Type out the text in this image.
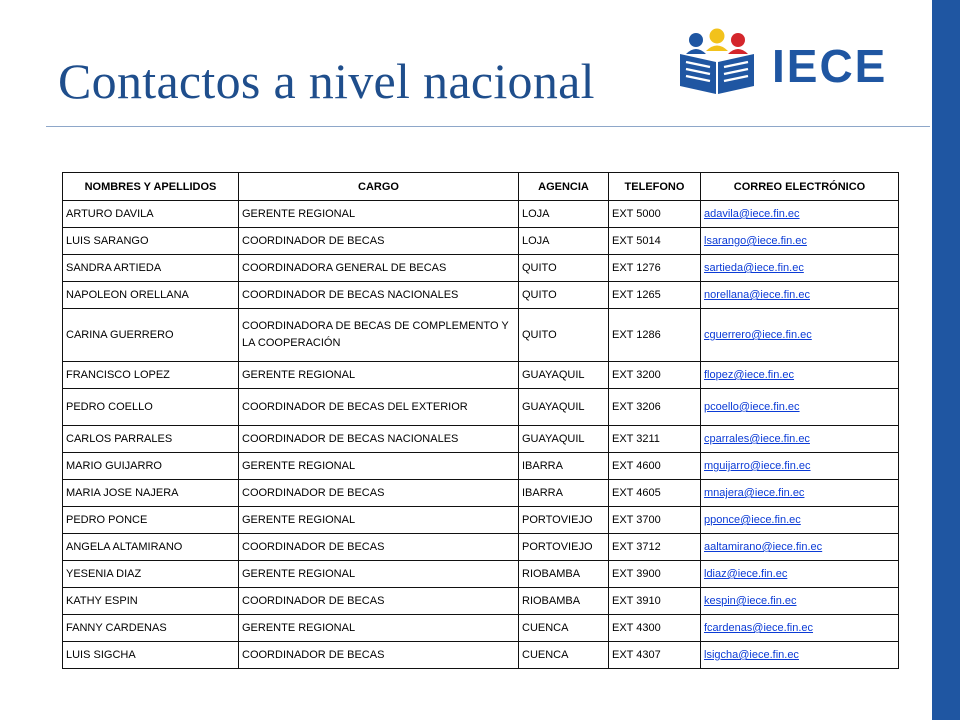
Contactos a nivel nacional	IECE
NOMBRES Y APELLIDOS	CARGO	AGENCIA	TELEFONO	CORREO ELECTRÓNICO
ARTURO DAVILA	GERENTE REGIONAL	LOJA	EXT 5000	adavila@iece.fin.ec
LUIS SARANGO	COORDINADOR DE BECAS	LOJA	EXT 5014	lsarango@iece.fin.ec
SANDRA ARTIEDA	COORDINADORA GENERAL DE BECAS	QUITO	EXT 1276	sartieda@iece.fin.ec
NAPOLEON ORELLANA	COORDINADOR DE BECAS NACIONALES	QUITO	EXT 1265	norellana@iece.fin.ec
CARINA GUERRERO	COORDINADORA DE BECAS DE COMPLEMENTO Y LA COOPERACIÓN	QUITO	EXT 1286	cguerrero@iece.fin.ec
FRANCISCO LOPEZ	GERENTE REGIONAL	GUAYAQUIL	EXT 3200	flopez@iece.fin.ec
PEDRO COELLO	COORDINADOR DE BECAS DEL EXTERIOR	GUAYAQUIL	EXT 3206	pcoello@iece.fin.ec
CARLOS PARRALES	COORDINADOR DE BECAS NACIONALES	GUAYAQUIL	EXT 3211	cparrales@iece.fin.ec
MARIO GUIJARRO	GERENTE REGIONAL	IBARRA	EXT 4600	mguijarro@iece.fin.ec
MARIA JOSE NAJERA	COORDINADOR DE BECAS	IBARRA	EXT 4605	mnajera@iece.fin.ec
PEDRO PONCE	GERENTE REGIONAL	PORTOVIEJO	EXT 3700	pponce@iece.fin.ec
ANGELA ALTAMIRANO	COORDINADOR DE BECAS	PORTOVIEJO	EXT 3712	aaltamirano@iece.fin.ec
YESENIA DIAZ	GERENTE REGIONAL	RIOBAMBA	EXT 3900	ldiaz@iece.fin.ec
KATHY ESPIN	COORDINADOR DE BECAS	RIOBAMBA	EXT 3910	kespin@iece.fin.ec
FANNY CARDENAS	GERENTE REGIONAL	CUENCA	EXT 4300	fcardenas@iece.fin.ec
LUIS SIGCHA	COORDINADOR DE BECAS	CUENCA	EXT 4307	lsigcha@iece.fin.ec
